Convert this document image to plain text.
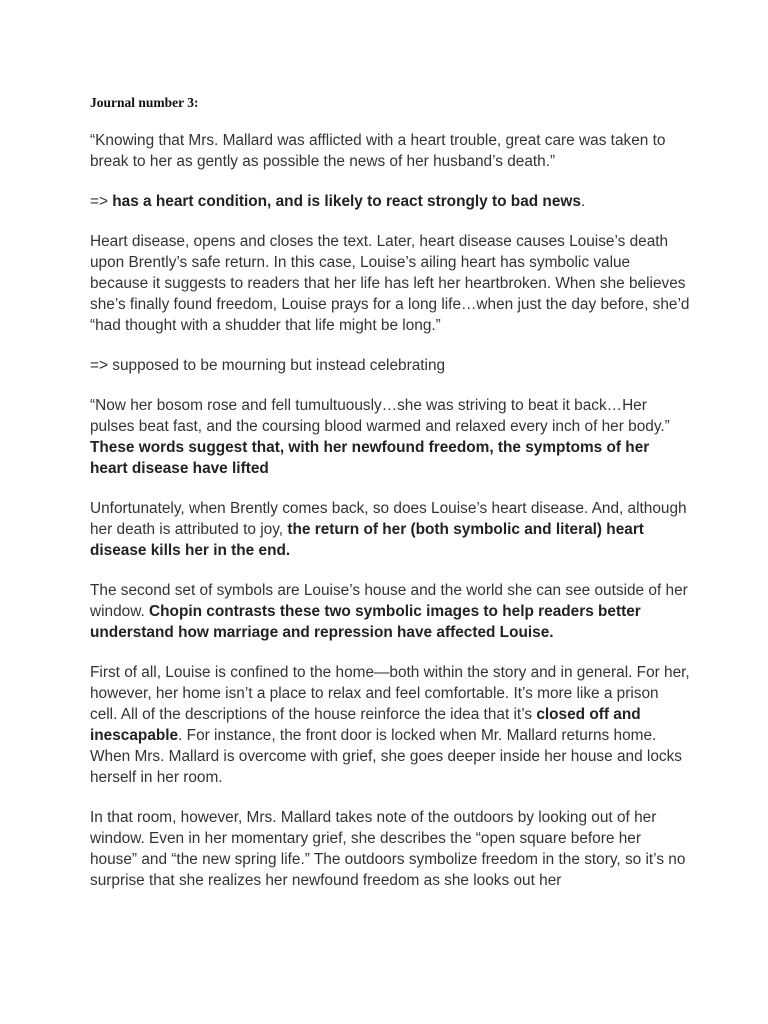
Journal number 3:

“Knowing that Mrs. Mallard was afflicted with a heart trouble, great care was taken to break to her as gently as possible the news of her husband’s death.”

=> has a heart condition, and is likely to react strongly to bad news.

Heart disease, opens and closes the text. Later, heart disease causes Louise’s death upon Brently’s safe return. In this case, Louise’s ailing heart has symbolic value because it suggests to readers that her life has left her heartbroken. When she believes she’s finally found freedom, Louise prays for a long life…when just the day before, she’d “had thought with a shudder that life might be long.”

=> supposed to be mourning but instead celebrating

“Now her bosom rose and fell tumultuously…she was striving to beat it back…Her pulses beat fast, and the coursing blood warmed and relaxed every inch of her body.” These words suggest that, with her newfound freedom, the symptoms of her heart disease have lifted

Unfortunately, when Brently comes back, so does Louise’s heart disease. And, although her death is attributed to joy, the return of her (both symbolic and literal) heart disease kills her in the end.

The second set of symbols are Louise’s house and the world she can see outside of her window. Chopin contrasts these two symbolic images to help readers better understand how marriage and repression have affected Louise.

First of all, Louise is confined to the home—both within the story and in general. For her, however, her home isn’t a place to relax and feel comfortable. It’s more like a prison cell. All of the descriptions of the house reinforce the idea that it’s closed off and inescapable. For instance, the front door is locked when Mr. Mallard returns home. When Mrs. Mallard is overcome with grief, she goes deeper inside her house and locks herself in her room.

In that room, however, Mrs. Mallard takes note of the outdoors by looking out of her window. Even in her momentary grief, she describes the “open square before her house” and “the new spring life.” The outdoors symbolize freedom in the story, so it’s no surprise that she realizes her newfound freedom as she looks out her
